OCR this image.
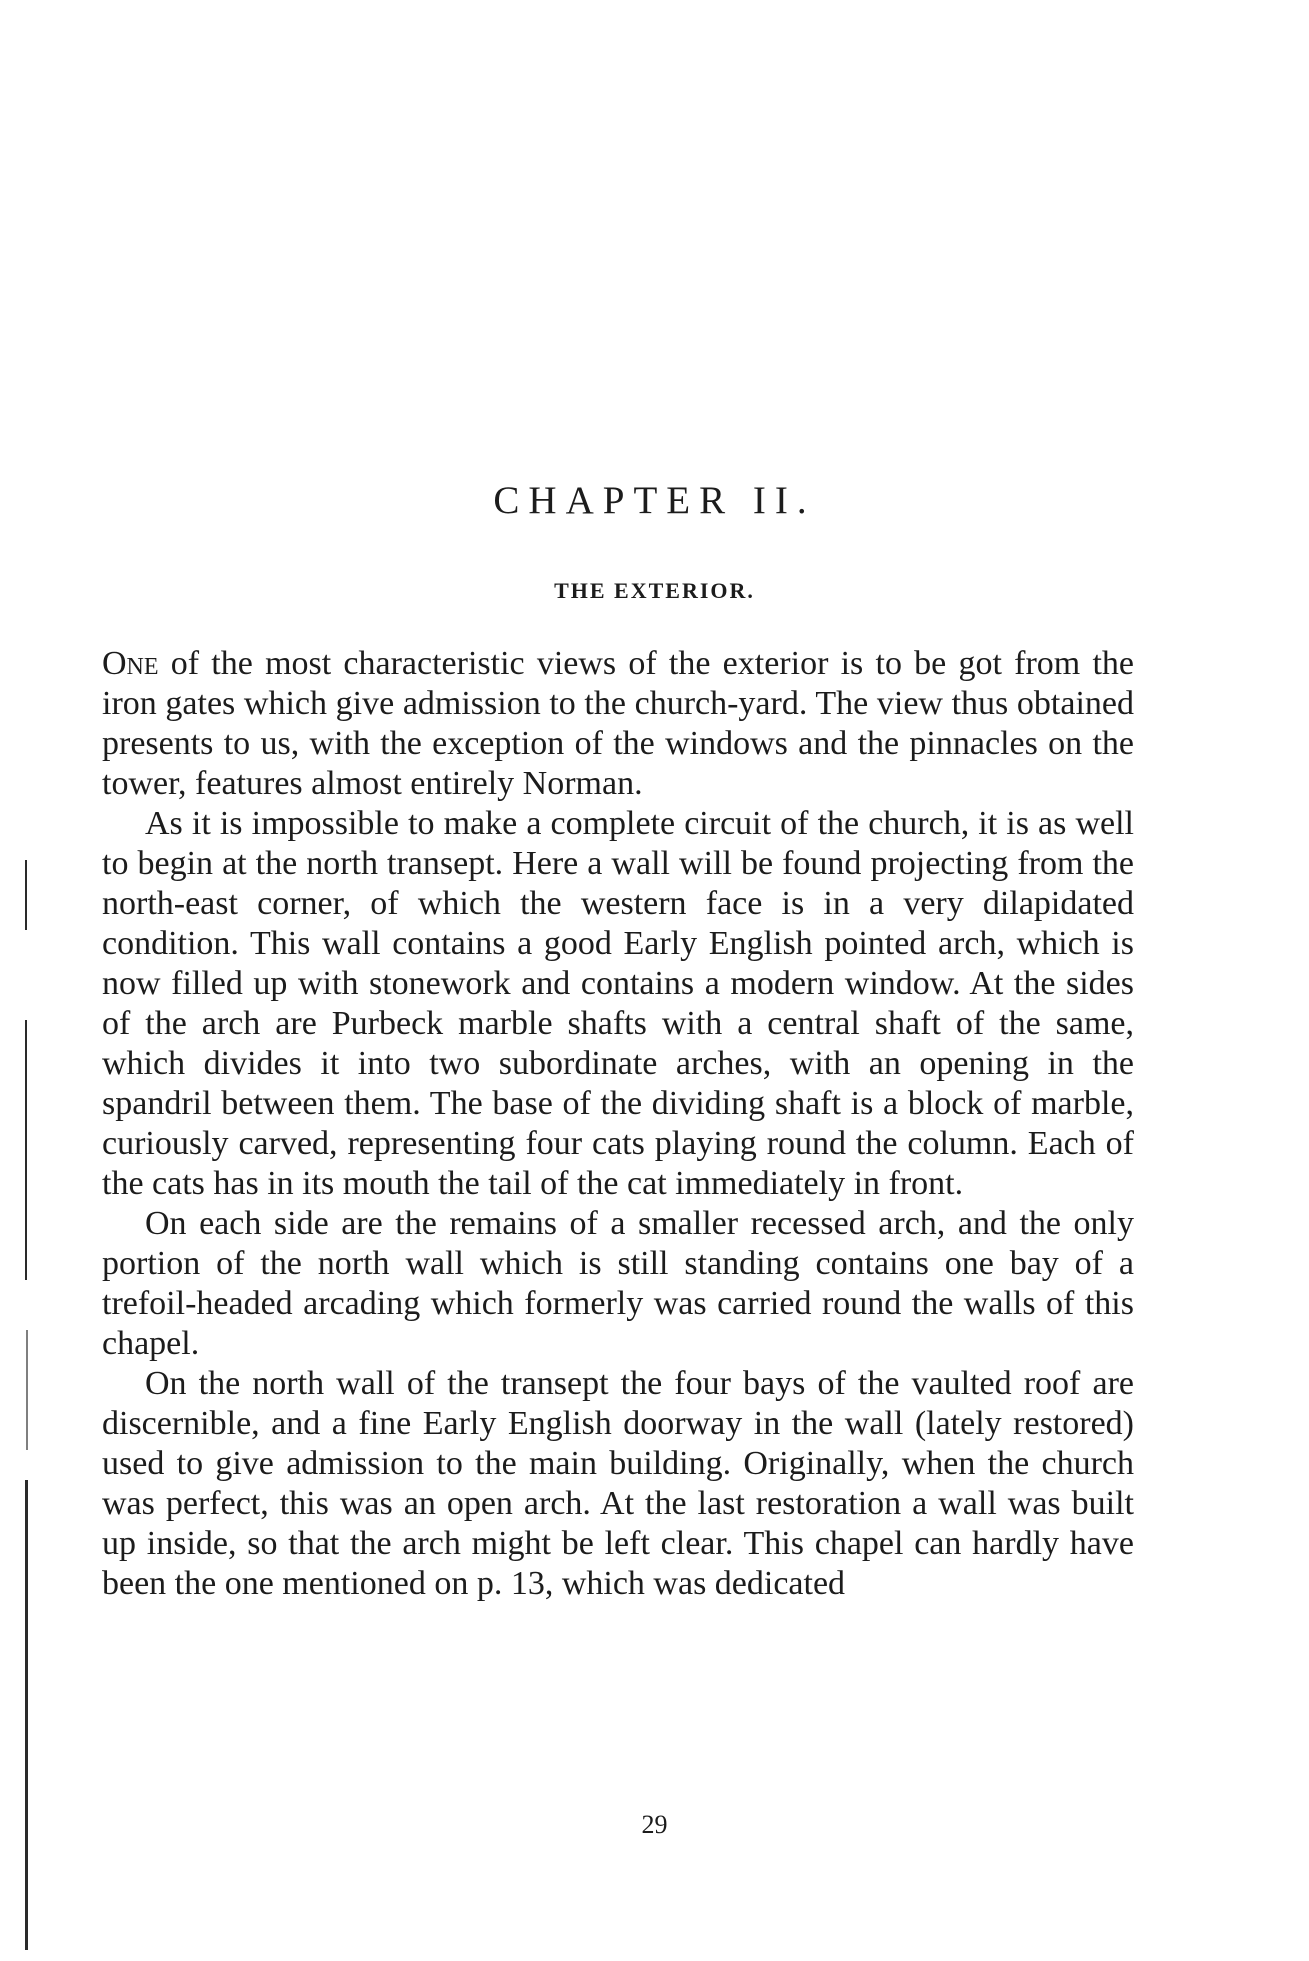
CHAPTER II.
THE EXTERIOR.

One of the most characteristic views of the exterior is to be got from the iron gates which give admission to the church-yard. The view thus obtained presents to us, with the exception of the windows and the pinnacles on the tower, features almost entirely Norman.

As it is impossible to make a complete circuit of the church, it is as well to begin at the north transept. Here a wall will be found projecting from the north-east corner, of which the western face is in a very dilapidated condition. This wall contains a good Early English pointed arch, which is now filled up with stonework and contains a modern window. At the sides of the arch are Purbeck marble shafts with a central shaft of the same, which divides it into two subordinate arches, with an opening in the spandril between them. The base of the dividing shaft is a block of marble, curiously carved, representing four cats playing round the column. Each of the cats has in its mouth the tail of the cat immediately in front.

On each side are the remains of a smaller recessed arch, and the only portion of the north wall which is still standing contains one bay of a trefoil-headed arcading which formerly was carried round the walls of this chapel.

On the north wall of the transept the four bays of the vaulted roof are discernible, and a fine Early English doorway in the wall (lately restored) used to give admission to the main building. Originally, when the church was perfect, this was an open arch. At the last restoration a wall was built up inside, so that the arch might be left clear. This chapel can hardly have been the one mentioned on p. 13, which was dedicated

29
